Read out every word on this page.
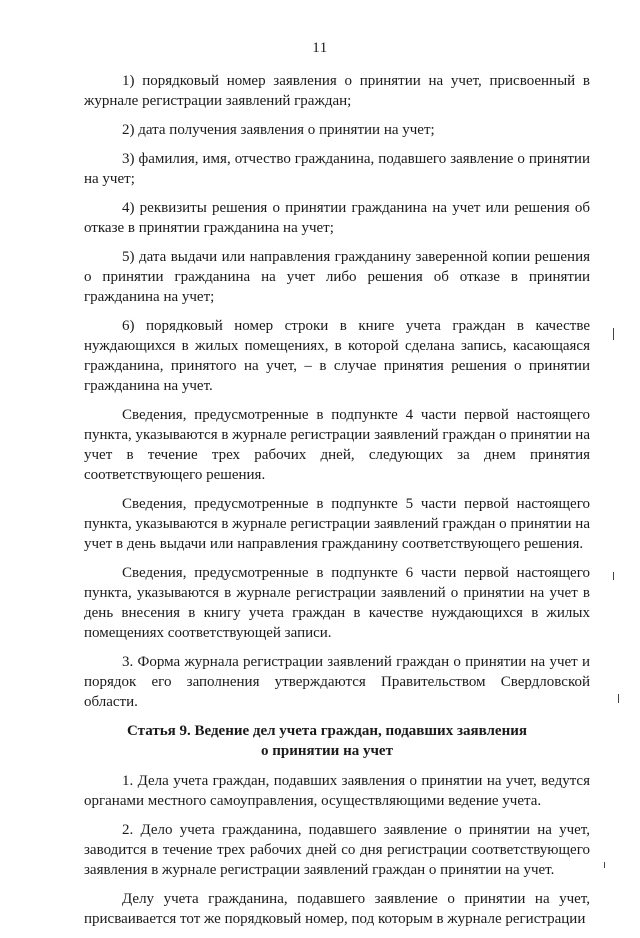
11

1) порядковый номер заявления о принятии на учет, присвоенный в журнале регистрации заявлений граждан;

2) дата получения заявления о принятии на учет;

3) фамилия, имя, отчество гражданина, подавшего заявление о принятии на учет;

4) реквизиты решения о принятии гражданина на учет или решения об отказе в принятии гражданина на учет;

5) дата выдачи или направления гражданину заверенной копии решения о принятии гражданина на учет либо решения об отказе в принятии гражданина на учет;

6) порядковый номер строки в книге учета граждан в качестве нуждающихся в жилых помещениях, в которой сделана запись, касающаяся гражданина, принятого на учет, – в случае принятия решения о принятии гражданина на учет.

Сведения, предусмотренные в подпункте 4 части первой настоящего пункта, указываются в журнале регистрации заявлений граждан о принятии на учет в течение трех рабочих дней, следующих за днем принятия соответствующего решения.

Сведения, предусмотренные в подпункте 5 части первой настоящего пункта, указываются в журнале регистрации заявлений граждан о принятии на учет в день выдачи или направления гражданину соответствующего решения.

Сведения, предусмотренные в подпункте 6 части первой настоящего пункта, указываются в журнале регистрации заявлений о принятии на учет в день внесения в книгу учета граждан в качестве нуждающихся в жилых помещениях соответствующей записи.

3. Форма журнала регистрации заявлений граждан о принятии на учет и порядок его заполнения утверждаются Правительством Свердловской области.

Статья 9. Ведение дел учета граждан, подавших заявления
о принятии на учет

1. Дела учета граждан, подавших заявления о принятии на учет, ведутся органами местного самоуправления, осуществляющими ведение учета.

2. Дело учета гражданина, подавшего заявление о принятии на учет, заводится в течение трех рабочих дней со дня регистрации соответствующего заявления в журнале регистрации заявлений граждан о принятии на учет.

Делу учета гражданина, подавшего заявление о принятии на учет, присваивается тот же порядковый номер, под которым в журнале регистрации
